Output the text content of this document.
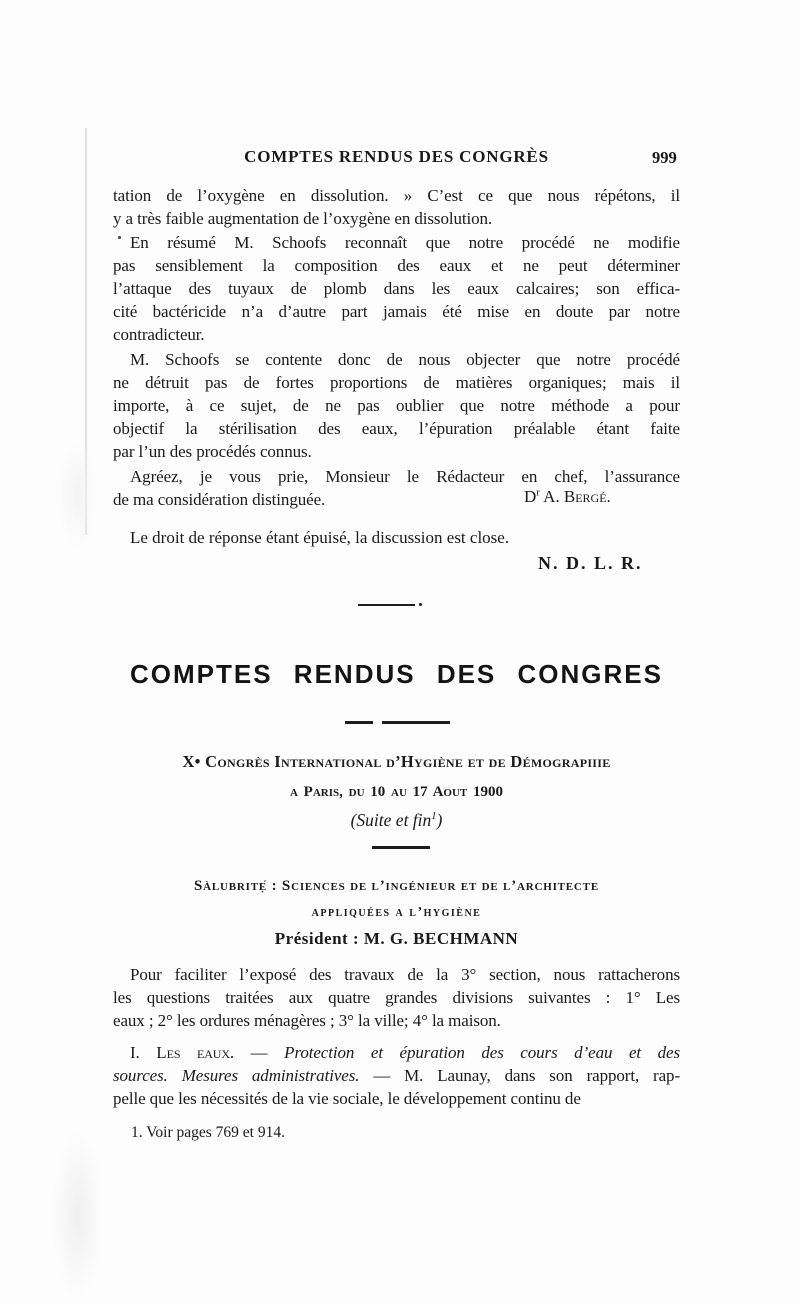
COMPTES RENDUS DES CONGRÈS	999
tation de l’oxygène en dissolution. » C’est ce que nous répétons, il
y a très faible augmentation de l’oxygène en dissolution.
En résumé M. Schoofs reconnaît que notre procédé ne modifie
pas sensiblement la composition des eaux et ne peut déterminer
l’attaque des tuyaux de plomb dans les eaux calcaires; son effica-
cité bactéricide n’a d’autre part jamais été mise en doute par notre
contradicteur.
M. Schoofs se contente donc de nous objecter que notre procédé
ne détruit pas de fortes proportions de matières organiques; mais il
importe, à ce sujet, de ne pas oublier que notre méthode a pour
objectif la stérilisation des eaux, l’épuration préalable étant faite
par l’un des procédés connus.
Agréez, je vous prie, Monsieur le Rédacteur en chef, l’assurance
de ma considération distinguée.	$D^r$ A. Bergé.
Le droit de réponse étant épuisé, la discussion est close.
N. D. L. R.
COMPTES RENDUS DES CONGRES
X• Congrès International d’Hygiène et de Démograpiiie
a Paris, du 10 au 17 Aout 1900
(Suite et fin$^1$)
Sàlubritẹ́ : Sciences de l’ingénieur et de l’architecte
appliquées a l’hygiène
Président : M. G. BECHMANN
Pour faciliter l’exposé des travaux de la 3° section, nous rattacherons
les questions traitées aux quatre grandes divisions suivantes : 1° Les
eaux ; 2° les ordures ménagères ; 3° la ville; 4° la maison.
I. Les eaux. — Protection et épuration des cours d’eau et des
sources. Mesures administratives. — M. Launay, dans son rapport, rap-
pelle que les nécessités de la vie sociale, le développement continu de
1. Voir pages 769 et 914.
